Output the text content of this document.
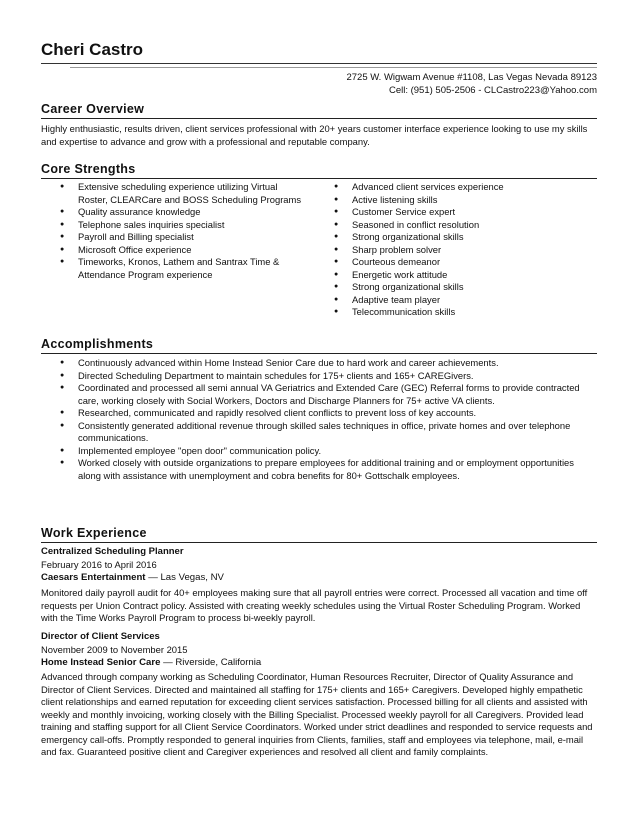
Cheri Castro
2725 W. Wigwam Avenue #1108, Las Vegas Nevada 89123
Cell: (951) 505-2506 - CLCastro223@Yahoo.com
Career Overview
Highly enthusiastic, results driven, client services professional with 20+ years customer interface experience looking to use my skills and expertise to advance and grow with a professional and reputable company.
Core Strengths
● Extensive scheduling experience utilizing Virtual Roster, CLEARCare and BOSS Scheduling Programs
● Quality assurance knowledge
● Telephone sales inquiries specialist
● Payroll and Billing specialist
● Microsoft Office experience
● Timeworks, Kronos, Lathem and Santrax Time & Attendance Program experience
● Advanced client services experience
● Active listening skills
● Customer Service expert
● Seasoned in conflict resolution
● Strong organizational skills
● Sharp problem solver
● Courteous demeanor
● Energetic work attitude
● Strong organizational skills
● Adaptive team player
● Telecommunication skills
Accomplishments
● Continuously advanced within Home Instead Senior Care due to hard work and career achievements.
● Directed Scheduling Department to maintain schedules for 175+ clients and 165+ CAREGivers.
● Coordinated and processed all semi annual VA Geriatrics and Extended Care (GEC) Referral forms to provide contracted care, working closely with Social Workers, Doctors and Discharge Planners for 75+ active VA clients.
● Researched, communicated and rapidly resolved client conflicts to prevent loss of key accounts.
● Consistently generated additional revenue through skilled sales techniques in office, private homes and over telephone communications.
● Implemented employee "open door" communication policy.
● Worked closely with outside organizations to prepare employees for additional training and or employment opportunities along with assistance with unemployment and cobra benefits for 80+ Gottschalk employees.
Work Experience
Centralized Scheduling Planner
February 2016 to April 2016
Caesars Entertainment — Las Vegas, NV
Monitored daily payroll audit for 40+ employees making sure that all payroll entries were correct. Processed all vacation and time off requests per Union Contract policy. Assisted with creating weekly schedules using the Virtual Roster Scheduling Program. Worked with the Time Works Payroll Program to process bi-weekly payroll.
Director of Client Services
November 2009 to November 2015
Home Instead Senior Care — Riverside, California
Advanced through company working as Scheduling Coordinator, Human Resources Recruiter, Director of Quality Assurance and Director of Client Services. Directed and maintained all staffing for 175+ clients and 165+ Caregivers. Developed highly empathetic client relationships and earned reputation for exceeding client services satisfaction. Processed billing for all clients and assisted with weekly and monthly invoicing, working closely with the Billing Specialist. Processed weekly payroll for all Caregivers. Provided lead training and staffing support for all Client Service Coordinators. Worked under strict deadlines and responded to service requests and emergency call-offs. Promptly responded to general inquiries from Clients, families, staff and employees via telephone, mail, e-mail and fax. Guaranteed positive client and Caregiver experiences and resolved all client and family complaints.
